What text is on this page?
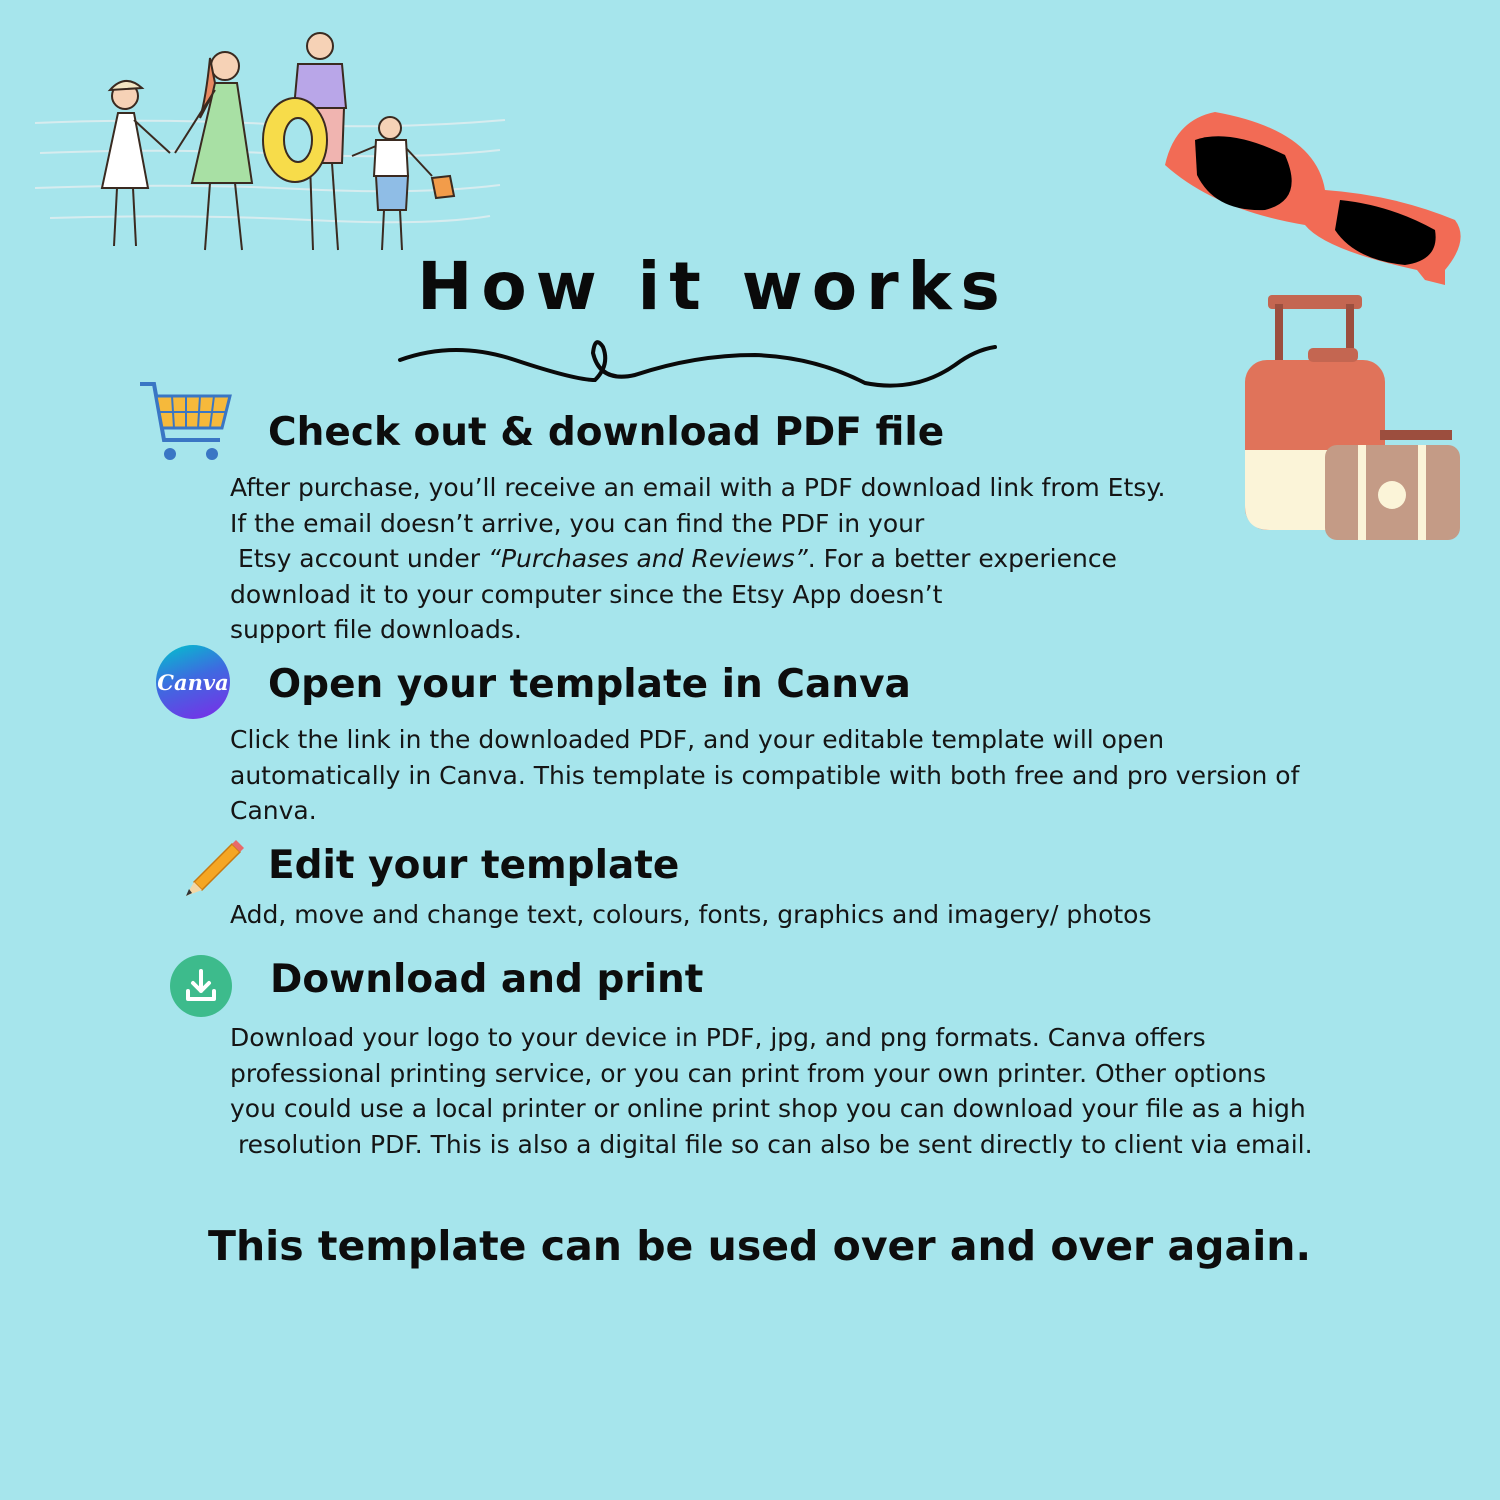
How it works
Check out & download PDF file
After purchase, you’ll receive an email with a PDF download link from Etsy.
If the email doesn’t arrive, you can find the PDF in your
Etsy account under “Purchases and Reviews”. For a better experience
download it to your computer since the Etsy App doesn’t
support file downloads.
Canva Open your template in Canva
Click the link in the downloaded PDF, and your editable template will open
automatically in Canva. This template is compatible with both free and pro version of
Canva.
Edit your template
Add, move and change text, colours, fonts, graphics and imagery/ photos
Download and print
Download your logo to your device in PDF, jpg, and png formats. Canva offers
professional printing service, or you can print from your own printer. Other options
you could use a local printer or online print shop you can download your file as a high
resolution PDF. This is also a digital file so can also be sent directly to client via email.
This template can be used over and over again.
